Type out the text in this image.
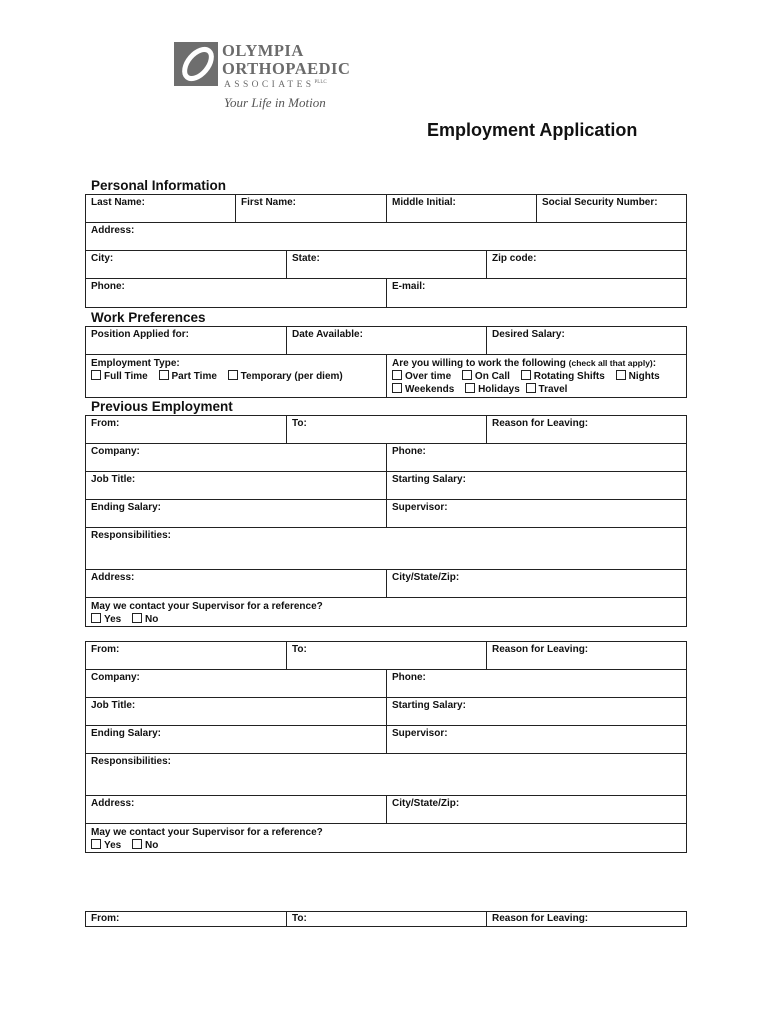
OLYMPIA
ORTHOPAEDIC
$ASSOCIATES^{PLLC}$
Your Life in Motion
Employment Application
Personal Information
Last Name:	First Name:	Middle Initial:	Social Security Number:
Address:
City:	State:	Zip code:
Phone:	E-mail:
Work Preferences
Position Applied for:	Date Available:	Desired Salary:
Employment Type:
Full Time Part Time Temporary (per diem)
Are you willing to work the following (check all that apply):
Over time On Call Rotating Shifts Nights
Weekends Holidays Travel
Previous Employment
From:	To:	Reason for Leaving:
Company:	Phone:
Job Title:	Starting Salary:
Ending Salary:	Supervisor:
Responsibilities:
Address:	City/State/Zip:
May we contact your Supervisor for a reference?
Yes No
From:	To:	Reason for Leaving:
Company:	Phone:
Job Title:	Starting Salary:
Ending Salary:	Supervisor:
Responsibilities:
Address:	City/State/Zip:
May we contact your Supervisor for a reference?
Yes No
From:	To:	Reason for Leaving:
